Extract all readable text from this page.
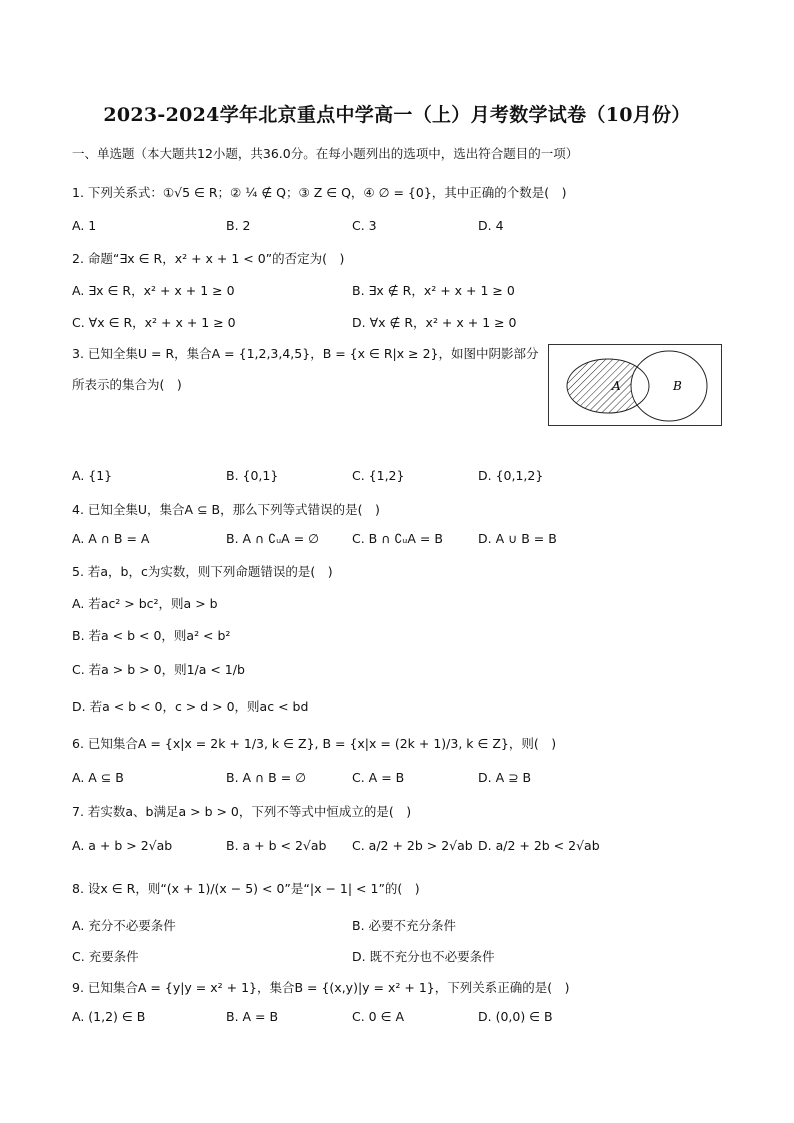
2023-2024学年北京重点中学高一（上）月考数学试卷（10月份）
一、单选题（本大题共12小题，共36.0分。在每小题列出的选项中，选出符合题目的一项）
1. 下列关系式：①√5 ∈ R；② ¼ ∉ Q；③ Z ∈ Q，④ ∅ = {0}，其中正确的个数是(　)
A. 1	B. 2	C. 3	D. 4
2. 命题“∃x ∈ R，x² + x + 1 < 0”的否定为(　)
A. ∃x ∈ R，x² + x + 1 ≥ 0	B. ∃x ∉ R，x² + x + 1 ≥ 0
C. ∀x ∈ R，x² + x + 1 ≥ 0	D. ∀x ∉ R，x² + x + 1 ≥ 0
3. 已知全集U = R，集合A = {1,2,3,4,5}，B = {x ∈ R|x ≥ 2}，如图中阴影部分
所表示的集合为(　)	A	B
A. {1}	B. {0,1}	C. {1,2}	D. {0,1,2}
4. 已知全集U，集合A ⊆ B，那么下列等式错误的是(　)
A. A ∩ B = A	B. A ∩ ∁ᵤA = ∅	C. B ∩ ∁ᵤA = B	D. A ∪ B = B
5. 若a，b，c为实数，则下列命题错误的是(　)
A. 若ac² > bc²，则a > b
B. 若a < b < 0，则a² < b²
C. 若a > b > 0，则1/a < 1/b
D. 若a < b < 0，c > d > 0，则ac < bd
6. 已知集合A = {x|x = 2k + 1/3, k ∈ Z}, B = {x|x = (2k + 1)/3, k ∈ Z}，则(　)
A. A ⊆ B	B. A ∩ B = ∅	C. A = B	D. A ⊇ B
7. 若实数a、b满足a > b > 0，下列不等式中恒成立的是(　)
A. a + b > 2√ab	B. a + b < 2√ab C. a/2 + 2b > 2√ab D. a/2 + 2b < 2√ab
8. 设x ∈ R，则“(x + 1)/(x − 5) < 0”是“|x − 1| < 1”的(　)
A. 充分不必要条件	B. 必要不充分条件
C. 充要条件	D. 既不充分也不必要条件
9. 已知集合A = {y|y = x² + 1}，集合B = {(x,y)|y = x² + 1}，下列关系正确的是(　)
A. (1,2) ∈ B	B. A = B	C. 0 ∈ A	D. (0,0) ∈ B
